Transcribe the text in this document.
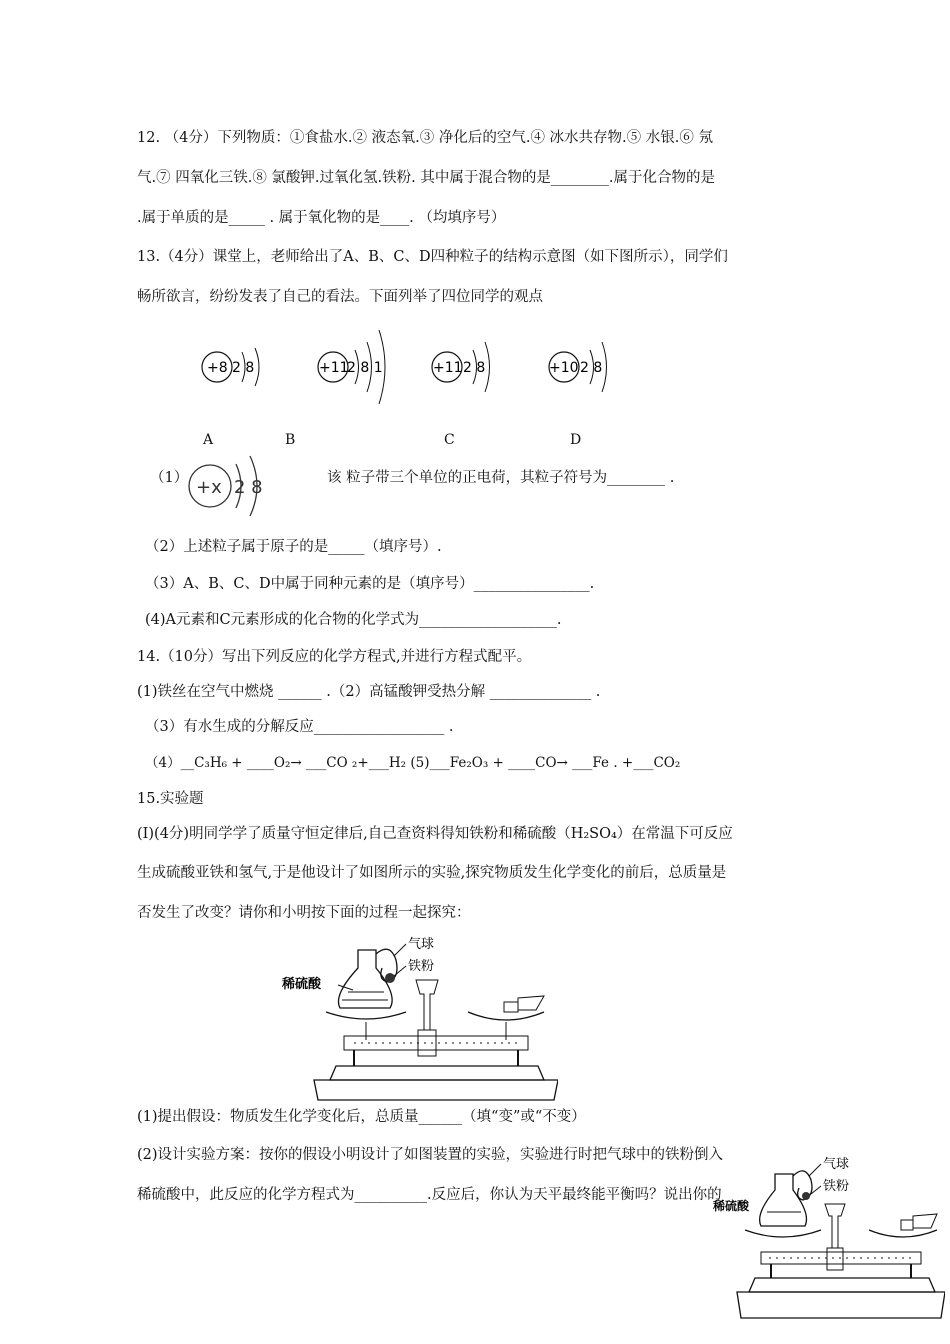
12. （4分）下列物质：①食盐水.② 液态氧.③ 净化后的空气.④ 冰水共存物.⑤ 水银.⑥ 氖
气.⑦ 四氧化三铁.⑧ 氯酸钾.过氧化氢.铁粉. 其中属于混合物的是________.属于化合物的是
.属于单质的是_____ . 属于氧化物的是____. （均填序号）
13.（4分）课堂上，老师给出了A、B、C、D四种粒子的结构示意图（如下图所示），同学们
畅所欲言，纷纷发表了自己的看法。下面列举了四位同学的观点
+8 2 8	+11
2 8 1	+11 2 8	+10 2 8
A	B	C	D
（1） +x 2 8	该 粒子带三个单位的正电荷，其粒子符号为________ .
（2）上述粒子属于原子的是_____（填序号）.
（3）A、B、C、D中属于同种元素的是（填序号）________________.
(4)A元素和C元素形成的化合物的化学式为___________________.
14.（10分）写出下列反应的化学方程式,并进行方程式配平。
(1)铁丝在空气中燃烧 ______ .（2）高锰酸钾受热分解 ______________ .
（3）有水生成的分解反应__________________ .
（4）__C₃H₆ + ____O₂→ ___CO ₂+___H₂ (5)___Fe₂O₃ + ____CO→ ___Fe . +___CO₂
15.实验题
(I)(4分)明同学学了质量守恒定律后,自己查资料得知铁粉和稀硫酸（H₂SO₄）在常温下可反应
生成硫酸亚铁和氢气,于是他设计了如图所示的实验,探究物质发生化学变化的前后，总质量是
否发生了改变？请你和小明按下面的过程一起探究：
气球
铁粉
稀硫酸
(1)提出假设：物质发生化学变化后，总质量______（填“变”或“不变）
(2)设计实验方案：按你的假设小明设计了如图装置的实验，实验进行时把气球中的铁粉倒入
稀硫酸中，此反应的化学方程式为__________.反应后，你认为天平最终能平衡吗？说出你的
气球
铁粉
稀硫酸
